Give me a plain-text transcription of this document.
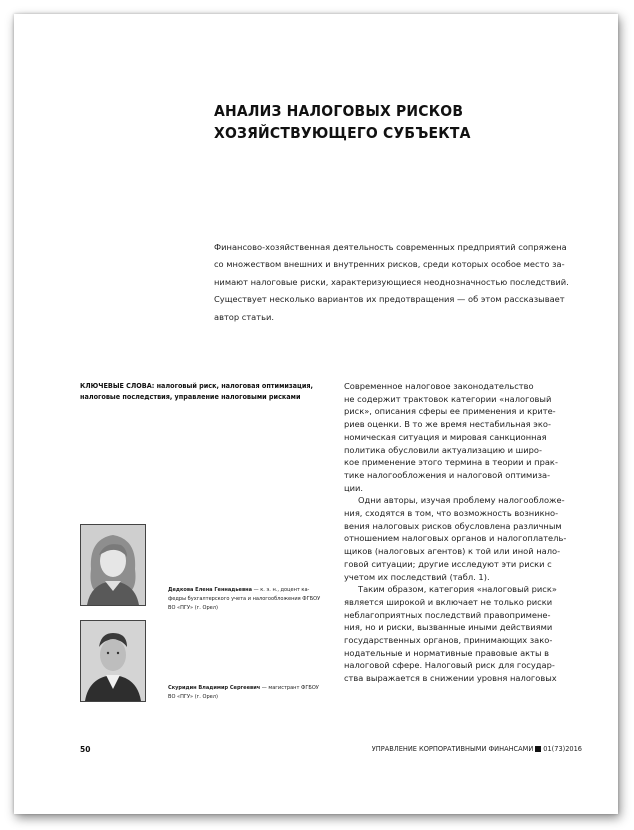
АНАЛИЗ НАЛОГОВЫХ РИСКОВ
ХОЗЯЙСТВУЮЩЕГО СУБЪЕКТА
Финансово-хозяйственная деятельность современных предприятий сопряжена
со множеством внешних и внутренних рисков, среди которых особое место за-
нимают налоговые риски, характеризующиеся неоднозначностью последствий.
Существует несколько вариантов их предотвращения — об этом рассказывает
автор статьи.
КЛЮЧЕВЫЕ СЛОВА: налоговый риск, налоговая оптимизация,
налоговые последствия, управление налоговыми рисками
Современное налоговое законодательство
не содержит трактовок категории «налоговый
риск», описания сферы ее применения и крите-
риев оценки. В то же время нестабильная эко-
номическая ситуация и мировая санкционная
политика обусловили актуализацию и широ-
кое применение этого термина в теории и прак-
тике налогообложения и налоговой оптимиза-
ции.
Одни авторы, изучая проблему налогообложе-
ния, сходятся в том, что возможность возникно-
вения налоговых рисков обусловлена различным
отношением налоговых органов и налогоплатель-
щиков (налоговых агентов) к той или иной нало-
говой ситуации; другие исследуют эти риски с
учетом их последствий (табл. 1).
Таким образом, категория «налоговый риск»
является широкой и включает не только риски
неблагоприятных последствий правопримене-
ния, но и риски, вызванные иными действиями
государственных органов, принимающих зако-
нодательные и нормативные правовые акты в
налоговой сфере. Налоговый риск для государ-
ства выражается в снижении уровня налоговых
Дедкова Елена Геннадьевна — к. э. н., доцент ка-
федры бухгалтерского учета и налогообложения ФГБОУ
ВО «ПГУ» (г. Орел)
Скуридин Владимир Сергеевич — магистрант ФГБОУ
ВО «ПГУ» (г. Орел)
50	УПРАВЛЕНИЕ КОРПОРАТИВНЫМИ ФИНАНСАМИ 01(73)2016
